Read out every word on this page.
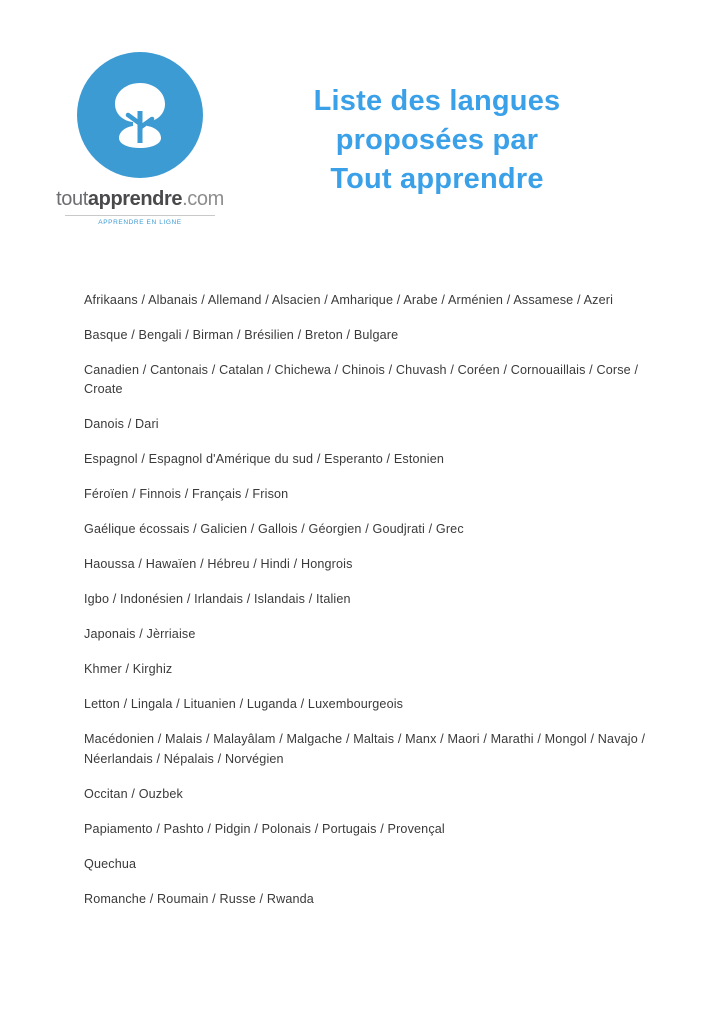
toutapprendre.com
APPRENDRE EN LIGNE
Liste des langues
proposées par
Tout apprendre

Afrikaans / Albanais / Allemand / Alsacien / Amharique / Arabe / Arménien / Assamese / Azeri

Basque / Bengali / Birman / Brésilien / Breton / Bulgare

Canadien / Cantonais / Catalan / Chichewa / Chinois / Chuvash / Coréen / Cornouaillais / Corse / Croate

Danois / Dari

Espagnol / Espagnol d'Amérique du sud / Esperanto / Estonien

Féroïen / Finnois / Français / Frison

Gaélique écossais / Galicien / Gallois / Géorgien / Goudjrati / Grec

Haoussa / Hawaïen / Hébreu / Hindi / Hongrois

Igbo / Indonésien / Irlandais / Islandais / Italien

Japonais / Jèrriaise

Khmer / Kirghiz

Letton / Lingala / Lituanien / Luganda / Luxembourgeois

Macédonien / Malais / Malayâlam / Malgache / Maltais / Manx / Maori / Marathi / Mongol / Navajo / Néerlandais / Népalais / Norvégien

Occitan / Ouzbek

Papiamento / Pashto / Pidgin / Polonais / Portugais / Provençal

Quechua

Romanche / Roumain / Russe / Rwanda
